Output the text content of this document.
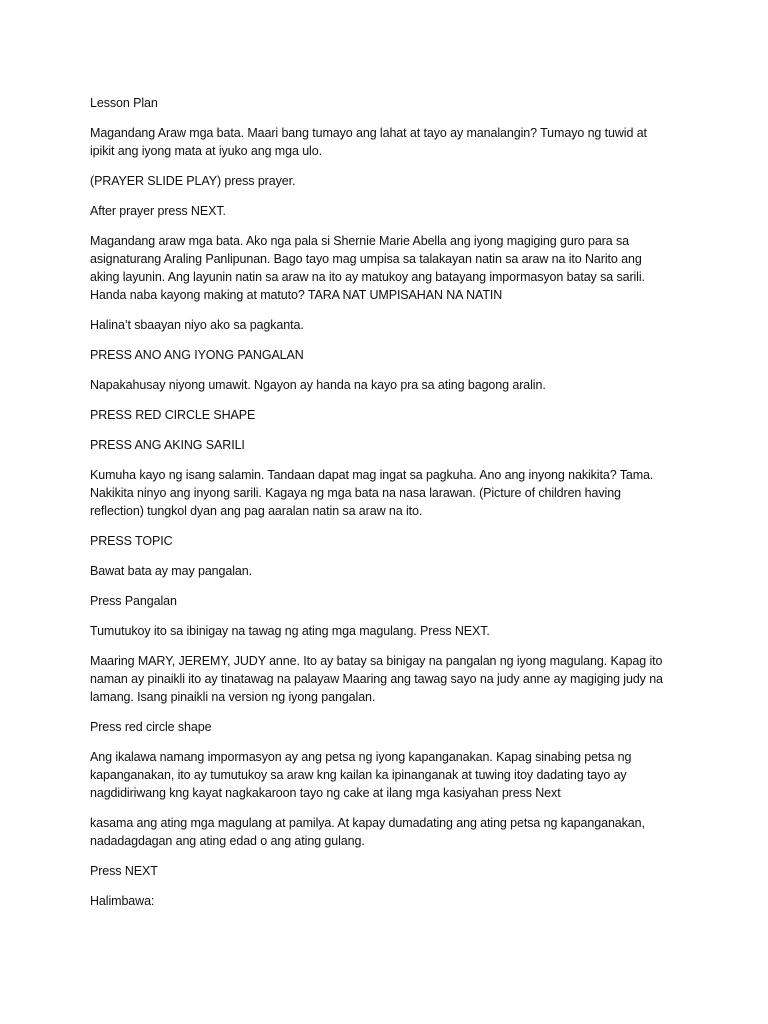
Lesson Plan

Magandang Araw mga bata. Maari bang tumayo ang lahat at tayo ay manalangin? Tumayo ng tuwid at
ipikit ang iyong mata at iyuko ang mga ulo.

(PRAYER SLIDE PLAY) press prayer.

After prayer press NEXT.

Magandang araw mga bata. Ako nga pala si Shernie Marie Abella ang iyong magiging guro para sa
asignaturang Araling Panlipunan. Bago tayo mag umpisa sa talakayan natin sa araw na ito Narito ang
aking layunin. Ang layunin natin sa araw na ito ay matukoy ang batayang impormasyon batay sa sarili.
Handa naba kayong making at matuto? TARA NAT UMPISAHAN NA NATIN

Halina’t sbaayan niyo ako sa pagkanta.

PRESS ANO ANG IYONG PANGALAN

Napakahusay niyong umawit. Ngayon ay handa na kayo pra sa ating bagong aralin.

PRESS RED CIRCLE SHAPE

PRESS ANG AKING SARILI

Kumuha kayo ng isang salamin. Tandaan dapat mag ingat sa pagkuha. Ano ang inyong nakikita? Tama.
Nakikita ninyo ang inyong sarili. Kagaya ng mga bata na nasa larawan. (Picture of children having
reflection) tungkol dyan ang pag aaralan natin sa araw na ito.

PRESS TOPIC

Bawat bata ay may pangalan.

Press Pangalan

Tumutukoy ito sa ibinigay na tawag ng ating mga magulang. Press NEXT.

Maaring MARY, JEREMY, JUDY anne. Ito ay batay sa binigay na pangalan ng iyong magulang. Kapag ito
naman ay pinaikli ito ay tinatawag na palayaw Maaring ang tawag sayo na judy anne ay magiging judy na
lamang. Isang pinaikli na version ng iyong pangalan.

Press red circle shape

Ang ikalawa namang impormasyon ay ang petsa ng iyong kapanganakan. Kapag sinabing petsa ng
kapanganakan, ito ay tumutukoy sa araw kng kailan ka ipinanganak at tuwing itoy dadating tayo ay
nagdidiriwang kng kayat nagkakaroon tayo ng cake at ilang mga kasiyahan press Next

kasama ang ating mga magulang at pamilya. At kapay dumadating ang ating petsa ng kapanganakan,
nadadagdagan ang ating edad o ang ating gulang.

Press NEXT

Halimbawa:
